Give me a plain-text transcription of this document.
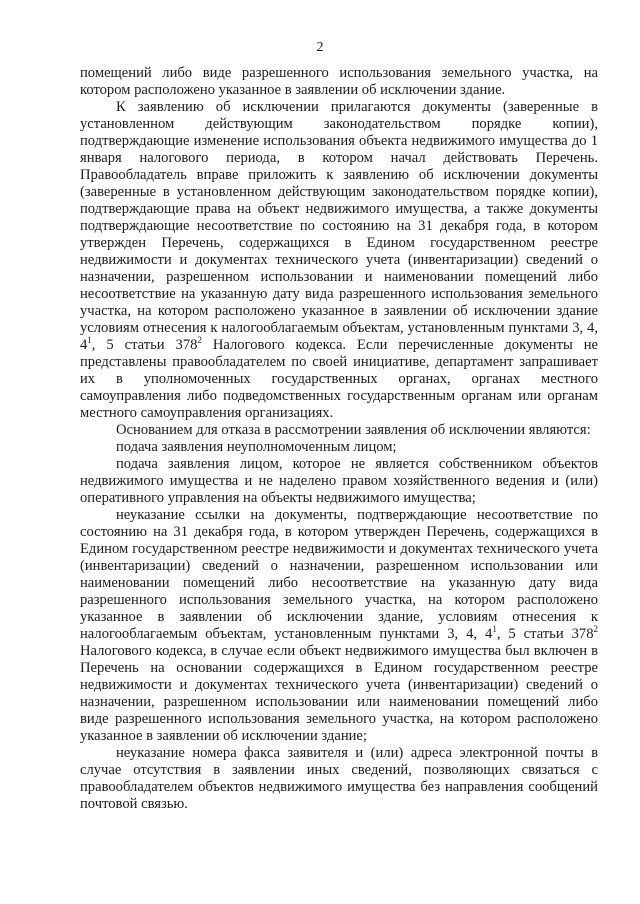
2

помещений либо виде разрешенного использования земельного участка, на котором расположено указанное в заявлении об исключении здание.

К заявлению об исключении прилагаются документы (заверенные в установленном действующим законодательством порядке копии), подтверждающие изменение использования объекта недвижимого имущества до 1 января налогового периода, в котором начал действовать Перечень. Правообладатель вправе приложить к заявлению об исключении документы (заверенные в установленном действующим законодательством порядке копии), подтверждающие права на объект недвижимого имущества, а также документы подтверждающие несоответствие по состоянию на 31 декабря года, в котором утвержден Перечень, содержащихся в Едином государственном реестре недвижимости и документах технического учета (инвентаризации) сведений о назначении, разрешенном использовании и наименовании помещений либо несоответствие на указанную дату вида разрешенного использования земельного участка, на котором расположено указанное в заявлении об исключении здание условиям отнесения к налогооблагаемым объектам, установленным пунктами 3, 4, $4^1$, 5 статьи $378^2$ Налогового кодекса. Если перечисленные документы не представлены правообладателем по своей инициативе, департамент запрашивает их в уполномоченных государственных органах, органах местного самоуправления либо подведомственных государственным органам или органам местного самоуправления организациях.

Основанием для отказа в рассмотрении заявления об исключении являются:

подача заявления неуполномоченным лицом;

подача заявления лицом, которое не является собственником объектов недвижимого имущества и не наделено правом хозяйственного ведения и (или) оперативного управления на объекты недвижимого имущества;

неуказание ссылки на документы, подтверждающие несоответствие по состоянию на 31 декабря года, в котором утвержден Перечень, содержащихся в Едином государственном реестре недвижимости и документах технического учета (инвентаризации) сведений о назначении, разрешенном использовании или наименовании помещений либо несоответствие на указанную дату вида разрешенного использования земельного участка, на котором расположено указанное в заявлении об исключении здание, условиям отнесения к налогооблагаемым объектам, установленным пунктами 3, 4, $4^1$, 5 статьи $378^2$ Налогового кодекса, в случае если объект недвижимого имущества был включен в Перечень на основании содержащихся в Едином государственном реестре недвижимости и документах технического учета (инвентаризации) сведений о назначении, разрешенном использовании или наименовании помещений либо виде разрешенного использования земельного участка, на котором расположено указанное в заявлении об исключении здание;

неуказание номера факса заявителя и (или) адреса электронной почты в случае отсутствия в заявлении иных сведений, позволяющих связаться с правообладателем объектов недвижимого имущества без направления сообщений почтовой связью.
